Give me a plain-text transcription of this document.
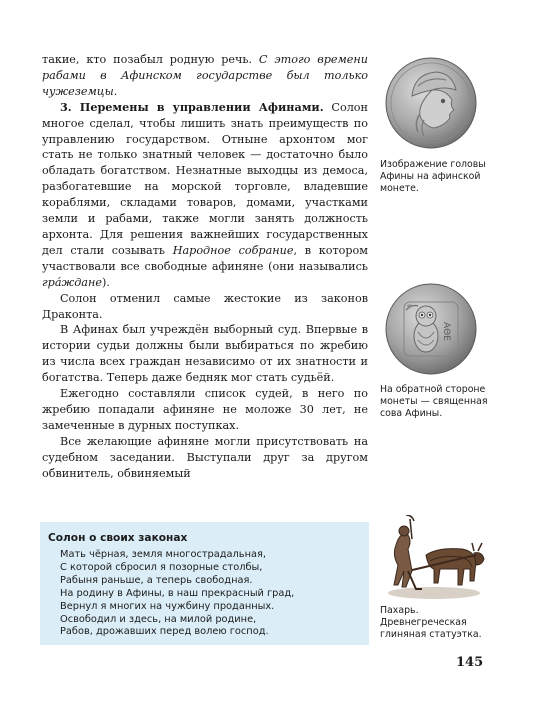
такие, кто позабыл родную речь. С этого времени рабами в Афинском государстве был только чужеземцы.

3. Перемены в управлении Афинами. Солон многое сделал, чтобы лишить знать преимуществ по управлению государством. Отныне архонтом мог стать не только знатный человек — достаточно было обладать богатством. Незнатные выходцы из демоса, разбогатевшие на морской торговле, владевшие кораблями, складами товаров, домами, участками земли и рабами, также могли занять должность архонта. Для решения важнейших государственных дел стали созывать Народное собрание, в котором участвовали все свободные афиняне (они назывались гра́ждане).

Солон отменил самые жестокие из законов Драконта.

В Афинах был учреждён выборный суд. Впервые в истории судьи должны были выбираться по жребию из числа всех граждан независимо от их знатности и богатства. Теперь даже бедняк мог стать судьёй.

Ежегодно составляли список судей, в него по жребию попадали афиняне не моложе 30 лет, не замеченные в дурных поступках.

Все желающие афиняне могли присутствовать на судебном заседании. Выступали друг за другом обвинитель, обвиняемый

Изображение головы Афины на афинской монете.
ΑΘΕ
На обратной стороне монеты — священная сова Афины.
Солон о своих законах
Мать чёрная, земля многострадальная,
С которой сбросил я позорные столбы,
Рабыня раньше, а теперь свободная.
На родину в Афины, в наш прекрасный град,
Вернул я многих на чужбину проданных.
Освободил и здесь, на милой родине,
Рабов, дрожавших перед волею господ.
Пахарь. Древнегреческая глиняная статуэтка.
145
